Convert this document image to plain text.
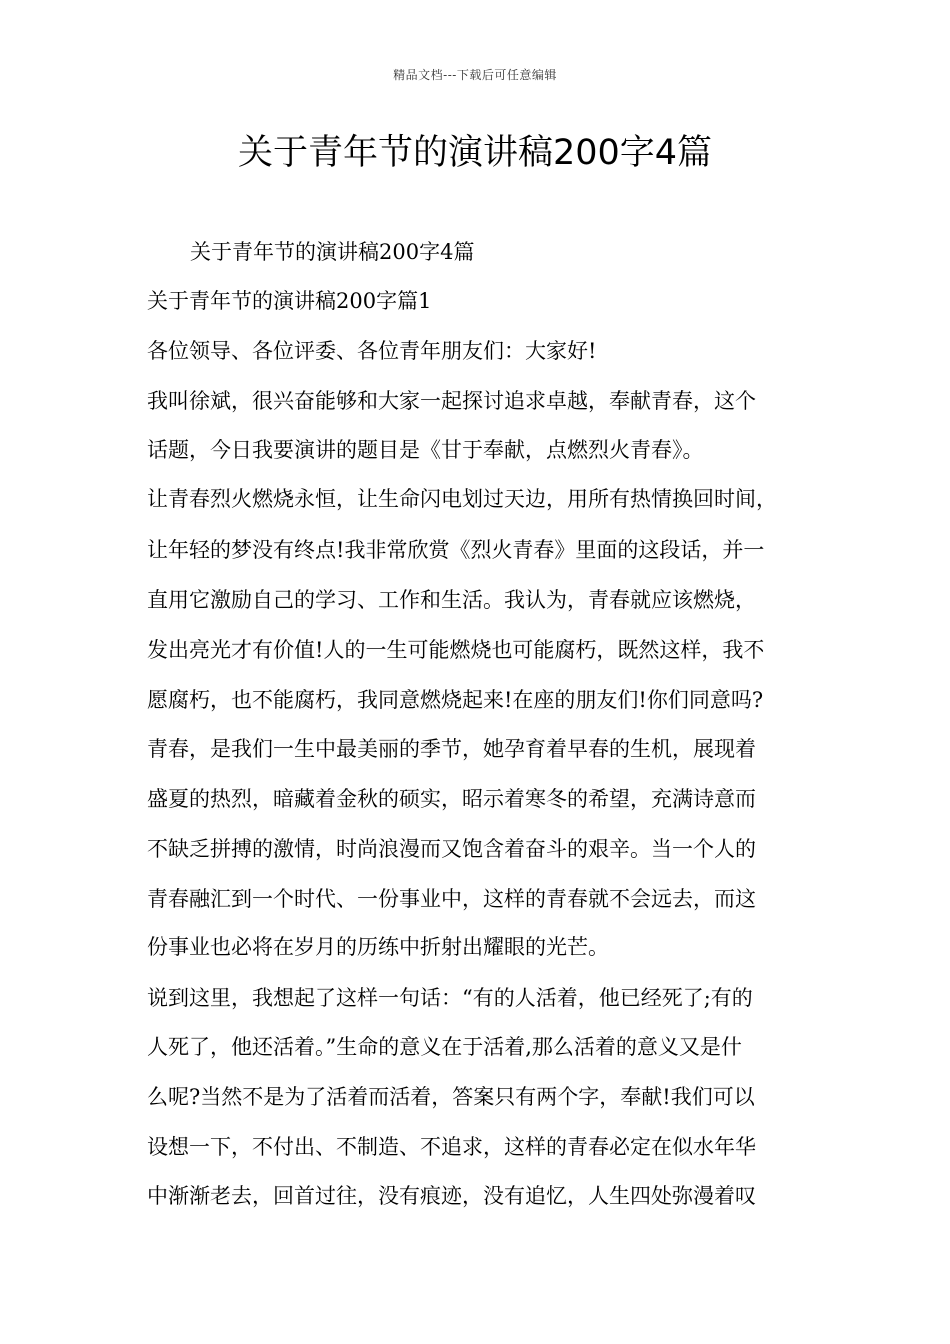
精品文档---下载后可任意编辑
关于青年节的演讲稿200字4篇
关于青年节的演讲稿200字4篇
关于青年节的演讲稿200字篇1
各位领导、各位评委、各位青年朋友们：大家好!
我叫徐斌，很兴奋能够和大家一起探讨追求卓越，奉献青春，这个
话题，今日我要演讲的题目是《甘于奉献，点燃烈火青春》。
让青春烈火燃烧永恒，让生命闪电划过天边，用所有热情换回时间，
让年轻的梦没有终点!我非常欣赏《烈火青春》里面的这段话，并一
直用它激励自己的学习、工作和生活。我认为，青春就应该燃烧，
发出亮光才有价值!人的一生可能燃烧也可能腐朽，既然这样，我不
愿腐朽，也不能腐朽，我同意燃烧起来!在座的朋友们!你们同意吗?
青春，是我们一生中最美丽的季节，她孕育着早春的生机，展现着
盛夏的热烈，暗藏着金秋的硕实，昭示着寒冬的希望，充满诗意而
不缺乏拼搏的激情，时尚浪漫而又饱含着奋斗的艰辛。当一个人的
青春融汇到一个时代、一份事业中，这样的青春就不会远去，而这
份事业也必将在岁月的历练中折射出耀眼的光芒。
说到这里，我想起了这样一句话：“有的人活着，他已经死了;有的
人死了，他还活着。”生命的意义在于活着,那么活着的意义又是什
么呢?当然不是为了活着而活着，答案只有两个字，奉献!我们可以
设想一下，不付出、不制造、不追求，这样的青春必定在似水年华
中渐渐老去，回首过往，没有痕迹，没有追忆，人生四处弥漫着叹
